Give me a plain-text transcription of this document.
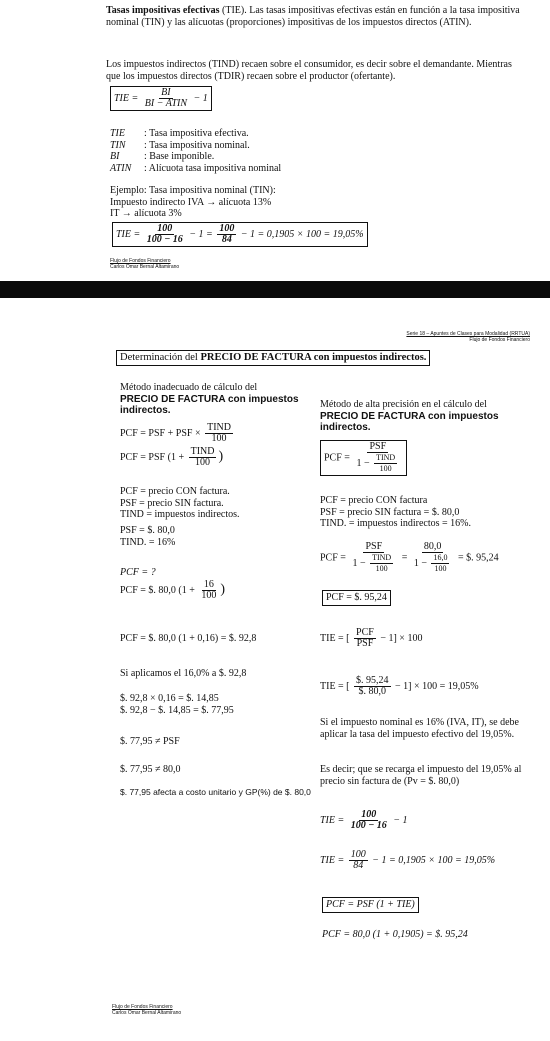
Tasas impositivas efectivas (TIE). Las tasas impositivas efectivas están en función a la tasa impositiva nominal (TIN) y las alícuotas (proporciones) impositivas de los impuestos directos (ATIN).
Los impuestos indirectos (TIND) recaen sobre el consumidor, es decir sobre el demandante. Mientras que los impuestos directos (TDIR) recaen sobre el productor (ofertante).
TIE = $\frac{BI}{\text{BI − ATIN}} - 1$
TIE : Tasa impositiva efectiva.
TIN : Tasa impositiva nominal.
BI : Base imponible.
ATIN : Alícuota tasa impositiva nominal
Ejemplo: Tasa impositiva nominal (TIN):
Impuesto indirecto IVA → alícuota 13%
IT → alícuota 3%
TIE = $\frac{100}{100 - 16} - 1 = \frac{100}{84} - 1 = 0,1905 \times 100 = 19,05\%$
Flujo de Fondos Financiero
Carlos Omar Bernal Altamirano
Serie 18 – Apuntes de Clases para Modalidad (RRTUA)
Flujo de Fondos Financiero
Determinación del PRECIO DE FACTURA con impuestos indirectos.
Método inadecuado de cálculo del
PRECIO DE FACTURA con impuestos
indirectos.
PCF = PSF + PSF × $\frac{\text{TIND}}{100}$
PCF = PSF ($1 + \frac{\text{TIND}}{100}$ )
PCF = precio CON factura.
PSF = precio SIN factura.
TIND = impuestos indirectos.
PSF = $. 80,0
TIND. = 16%
PCF = ?
PCF = $. 80,0 ($1 + \frac{16}{100}$ )
PCF = $. 80,0 (1 + 0,16) = $. 92,8
Si aplicamos el 16,0% a $. 92,8
$. 92,8 × 0,16 = $. 14,85
$. 92,8 − $. 14,85 = $. 77,95
$. 77,95 ≠ PSF
$. 77,95 ≠ 80,0
$. 77,95 afecta a costo unitario y GP(%) de $. 80,0
Método de alta precisión en el cálculo del
PRECIO DE FACTURA con impuestos
indirectos.
PCF = $\frac{\text{PSF}}{1 - \frac{\text{TIND}}{100}}$
PCF = precio CON factura
PSF = precio SIN factura = $. 80,0
TIND. = impuestos indirectos = 16%.
PCF = $\frac{\text{PSF}}{1 - \frac{\text{TIND}}{100}} = \frac{80,0}{1 - \frac{16,0}{100}}$ = $. 95,24
PCF = $. 95,24
TIE = [ $\frac{\text{PCF}}{\text{PSF}} - 1] \times 100$
TIE = [ $\frac{\$. 95,24}{\$. 80,0} - 1] \times 100 = 19,05\%$
Si el impuesto nominal es 16% (IVA, IT), se debe aplicar la tasa del impuesto efectivo del 19,05%.
Es decir; que se recarga el impuesto del 19,05% al precio sin factura de (Pv = $. 80,0)
TIE = $\frac{100}{100 - 16} - 1$
TIE = $\frac{100}{84} - 1 = 0,1905 \times 100 = 19,05\%$
PCF = PSF (1 + TIE)
PCF = 80,0 (1 + 0,1905) = $. 95,24
Flujo de Fondos Financiero
Carlos Omar Bernal Altamirano
